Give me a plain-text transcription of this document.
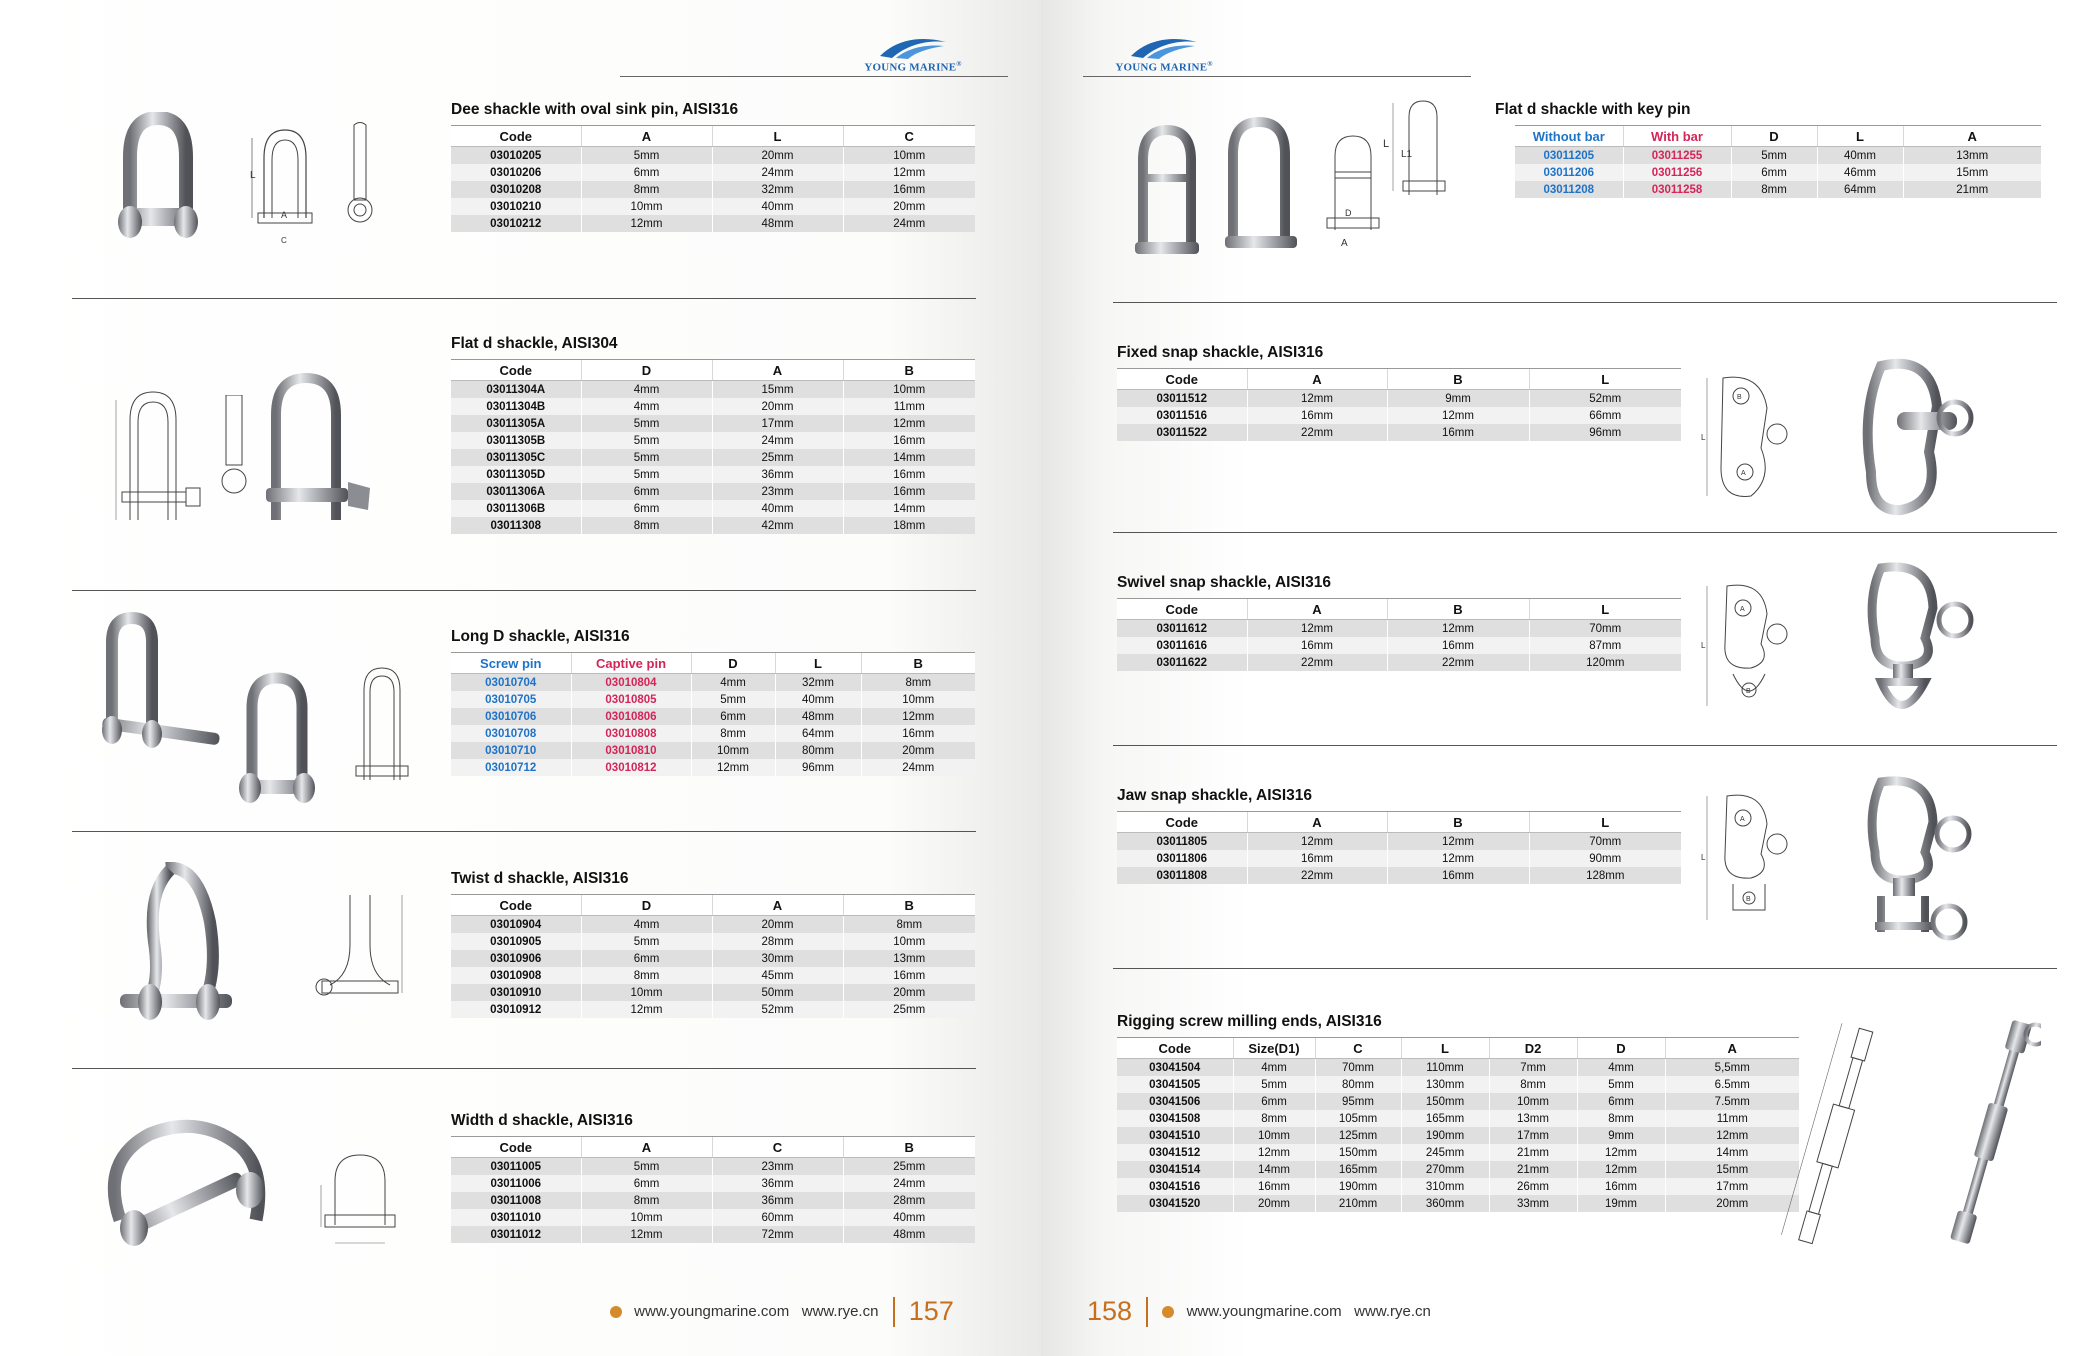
YOUNG MARINE®
Dee shackle with oval sink pin, AISI316
Code	A	L	C
03010205	5mm	20mm	10mm
03010206	6mm	24mm	12mm
03010208	8mm	32mm	16mm
03010210	10mm	40mm	20mm
03010212	12mm	48mm	24mm
L
A
C
Flat d shackle, AISI304
Code	D	A	B
03011304A	4mm	15mm	10mm
03011304B	4mm	20mm	11mm
03011305A	5mm	17mm	12mm
03011305B	5mm	24mm	16mm
03011305C	5mm	25mm	14mm
03011305D	5mm	36mm	16mm
03011306A	6mm	23mm	16mm
03011306B	6mm	40mm	14mm
03011308	8mm	42mm	18mm
Long D shackle, AISI316
Screw pin	Captive pin	D	L	B
03010704	03010804	4mm	32mm	8mm
03010705	03010805	5mm	40mm	10mm
03010706	03010806	6mm	48mm	12mm
03010708	03010808	8mm	64mm	16mm
03010710	03010810	10mm	80mm	20mm
03010712	03010812	12mm	96mm	24mm
Twist d shackle, AISI316
Code	D	A	B
03010904	4mm	20mm	8mm
03010905	5mm	28mm	10mm
03010906	6mm	30mm	13mm
03010908	8mm	45mm	16mm
03010910	10mm	50mm	20mm
03010912	12mm	52mm	25mm
Width d shackle, AISI316
Code	A	C	B
03011005	5mm	23mm	25mm
03011006	6mm	36mm	24mm
03011008	8mm	36mm	28mm
03011010	10mm	60mm	40mm
03011012	12mm	72mm	48mm
www.youngmarine.com www.rye.cn 157
YOUNG MARINE®
Flat d shackle with key pin
Without bar	With bar	D	L	A
03011205	03011255	5mm	40mm	13mm
03011206	03011256	6mm	46mm	15mm
03011208	03011258	8mm	64mm	21mm
D
A
L
L1
Fixed snap shackle, AISI316
Code	A	B	L
03011512	12mm	9mm	52mm
03011516	16mm	12mm	66mm
03011522	22mm	16mm	96mm
B
A
L
Swivel snap shackle, AISI316
Code	A	B	L
03011612	12mm	12mm	70mm
03011616	16mm	16mm	87mm
03011622	22mm	22mm	120mm
A
B
L
Jaw snap shackle, AISI316
Code	A	B	L
03011805	12mm	12mm	70mm
03011806	16mm	12mm	90mm
03011808	22mm	16mm	128mm
A
B
L
Rigging screw milling ends, AISI316
Code	Size(D1)	C	L	D2	D	A
03041504	4mm	70mm	110mm	7mm	4mm	5,5mm
03041505	5mm	80mm	130mm	8mm	5mm	6.5mm
03041506	6mm	95mm	150mm	10mm	6mm	7.5mm
03041508	8mm	105mm	165mm	13mm	8mm	11mm
03041510	10mm	125mm	190mm	17mm	9mm	12mm
03041512	12mm	150mm	245mm	21mm	12mm	14mm
03041514	14mm	165mm	270mm	21mm	12mm	15mm
03041516	16mm	190mm	310mm	26mm	16mm	17mm
03041520	20mm	210mm	360mm	33mm	19mm	20mm
158	www.youngmarine.com www.rye.cn
